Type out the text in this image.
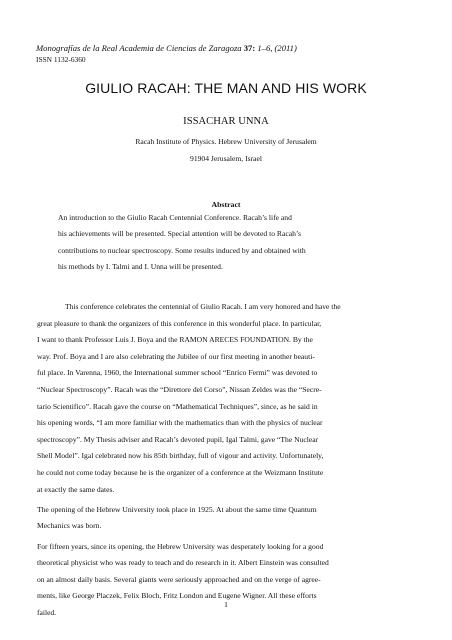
Monografías de la Real Academia de Ciencias de Zaragoza 37: 1–6, (2011)
ISSN 1132-6360
GIULIO RACAH: THE MAN AND HIS WORK
ISSACHAR UNNA
Racah Institute of Physics. Hebrew University of Jerusalem
91904 Jerusalem, Israel
Abstract
An introduction to the Giulio Racah Centennial Conference. Racah’s life and
his achievements will be presented. Special attention will be devoted to Racah’s
contributions to nuclear spectroscopy. Some results induced by and obtained with
his methods by I. Talmi and I. Unna will be presented.

This conference celebrates the centennial of Giulio Racah. I am very honored and have the
great pleasure to thank the organizers of this conference in this wonderful place. In particular,
I want to thank Professor Luis J. Boya and the RAMON ARECES FOUNDATION. By the
way. Prof. Boya and I are also celebrating the Jubilee of our first meeting in another beauti-
ful place. In Varenna, 1960, the International summer school “Enrico Fermi” was devoted to
“Nuclear Spectroscopy”. Racah was the “Direttore del Corso”, Nissan Zeldes was the “Secre-
tario Scientifico”. Racah gave the course on “Mathematical Techniques”, since, as he said in
his opening words, “I am more familiar with the mathematics than with the physics of nuclear
spectroscopy”. My Thesis adviser and Racah’s devoted pupil, Igal Talmi, gave “The Nuclear
Shell Model”. Igal celebrated now his 85th birthday, full of vigour and activity. Unfortunately,
he could not come today because he is the organizer of a conference at the Weizmann Institute
at exactly the same dates.

The opening of the Hebrew University took place in 1925. At about the same time Quantum
Mechanics was born.

For fifteen years, since its opening, the Hebrew University was desperately looking for a good
theoretical physicist who was ready to teach and do research in it. Albert Einstein was consulted
on an almost daily basis. Several giants were seriously approached and on the verge of agree-
ments, like George Placzek, Felix Bloch, Fritz London and Eugene Wigner. All these efforts
failed.

1
